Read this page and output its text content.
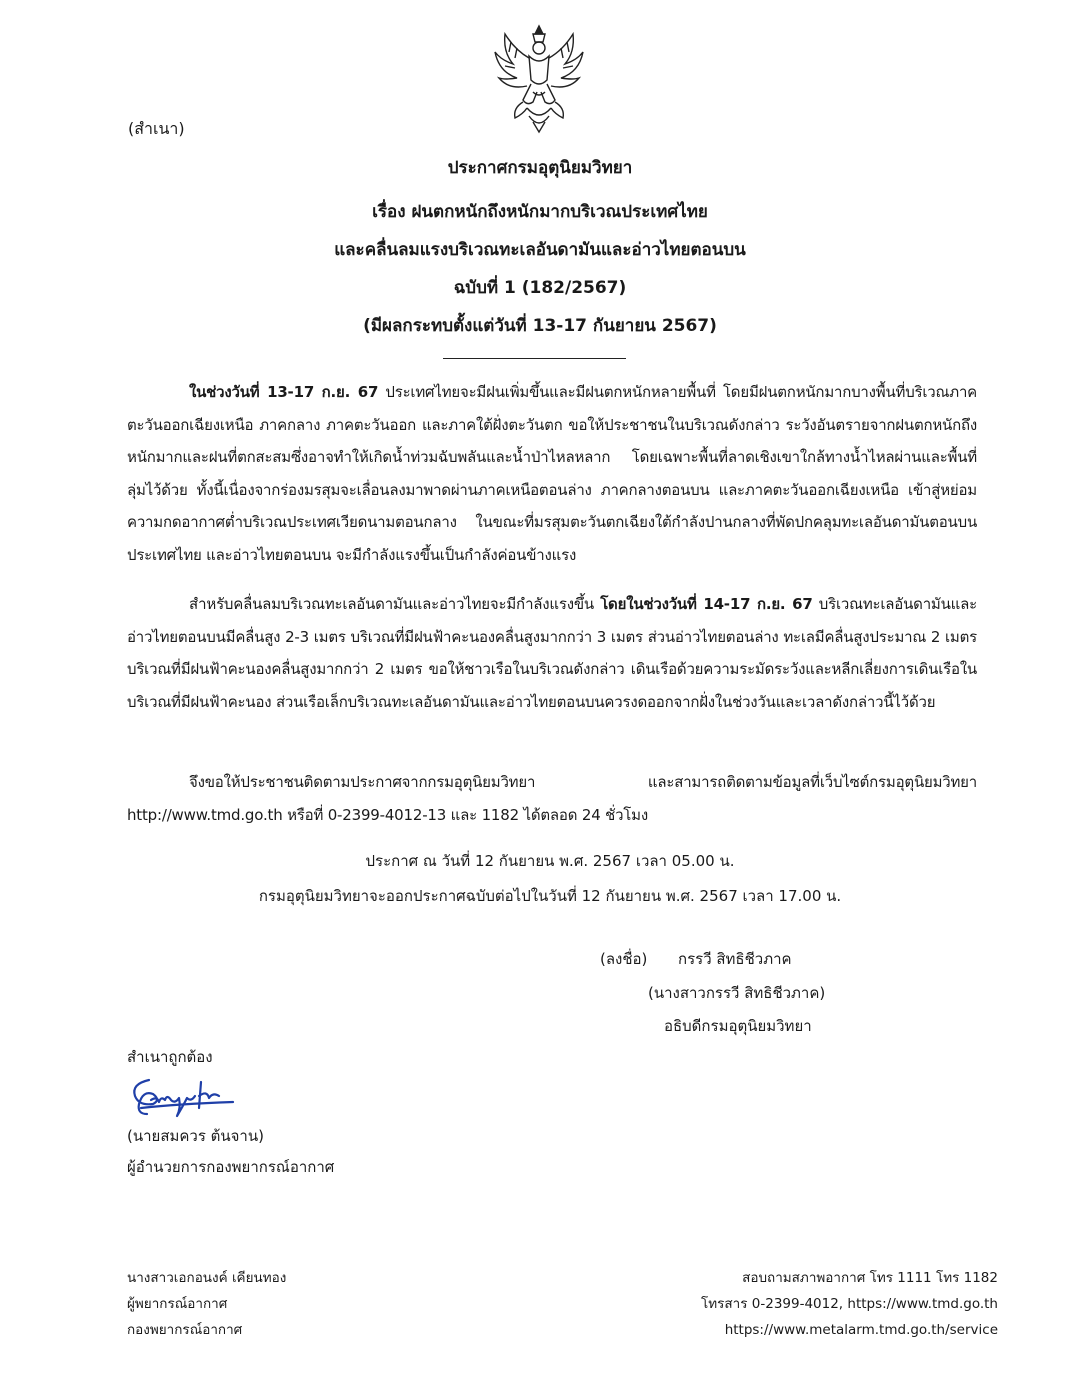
(สำเนา)
ประกาศกรมอุตุนิยมวิทยา
เรื่อง ฝนตกหนักถึงหนักมากบริเวณประเทศไทย
และคลื่นลมแรงบริเวณทะเลอันดามันและอ่าวไทยตอนบน
ฉบับที่ 1 (182/2567)
(มีผลกระทบตั้งแต่วันที่ 13-17 กันยายน 2567)
ในช่วงวันที่ 13-17 ก.ย. 67 ประเทศไทยจะมีฝนเพิ่มขึ้นและมีฝนตกหนักหลายพื้นที่ โดยมีฝนตกหนักมากบางพื้นที่บริเวณภาคตะวันออกเฉียงเหนือ ภาคกลาง ภาคตะวันออก และภาคใต้ฝั่งตะวันตก ขอให้ประชาชนในบริเวณดังกล่าว ระวังอันตรายจากฝนตกหนักถึงหนักมากและฝนที่ตกสะสมซึ่งอาจทำให้เกิดน้ำท่วมฉับพลันและน้ำป่าไหลหลาก โดยเฉพาะพื้นที่ลาดเชิงเขาใกล้ทางน้ำไหลผ่านและพื้นที่ลุ่มไว้ด้วย ทั้งนี้เนื่องจากร่องมรสุมจะเลื่อนลงมาพาดผ่านภาคเหนือตอนล่าง ภาคกลางตอนบน และภาคตะวันออกเฉียงเหนือ เข้าสู่หย่อมความกดอากาศต่ำบริเวณประเทศเวียดนามตอนกลาง ในขณะที่มรสุมตะวันตกเฉียงใต้กำลังปานกลางที่พัดปกคลุมทะเลอันดามันตอนบน ประเทศไทย และอ่าวไทยตอนบน จะมีกำลังแรงขึ้นเป็นกำลังค่อนข้างแรง
สำหรับคลื่นลมบริเวณทะเลอันดามันและอ่าวไทยจะมีกำลังแรงขึ้น โดยในช่วงวันที่ 14-17 ก.ย. 67 บริเวณทะเลอันดามันและอ่าวไทยตอนบนมีคลื่นสูง 2-3 เมตร บริเวณที่มีฝนฟ้าคะนองคลื่นสูงมากกว่า 3 เมตร ส่วนอ่าวไทยตอนล่าง ทะเลมีคลื่นสูงประมาณ 2 เมตร บริเวณที่มีฝนฟ้าคะนองคลื่นสูงมากกว่า 2 เมตร ขอให้ชาวเรือในบริเวณดังกล่าว เดินเรือด้วยความระมัดระวังและหลีกเลี่ยงการเดินเรือในบริเวณที่มีฝนฟ้าคะนอง ส่วนเรือเล็กบริเวณทะเลอันดามันและอ่าวไทยตอนบนควรงดออกจากฝั่งในช่วงวันและเวลาดังกล่าวนี้ไว้ด้วย
จึงขอให้ประชาชนติดตามประกาศจากกรมอุตุนิยมวิทยา และสามารถติดตามข้อมูลที่เว็บไซต์กรมอุตุนิยมวิทยา http://www.tmd.go.th หรือที่ 0-2399-4012-13 และ 1182 ได้ตลอด 24 ชั่วโมง
ประกาศ ณ วันที่ 12 กันยายน พ.ศ. 2567 เวลา 05.00 น.
กรมอุตุนิยมวิทยาจะออกประกาศฉบับต่อไปในวันที่ 12 กันยายน พ.ศ. 2567 เวลา 17.00 น.
(ลงชื่อ) กรรวี สิทธิชีวภาค
(นางสาวกรรวี สิทธิชีวภาค)
อธิบดีกรมอุตุนิยมวิทยา
สำเนาถูกต้อง
(นายสมควร ต้นจาน)
ผู้อำนวยการกองพยากรณ์อากาศ
นางสาวเอกอนงค์ เคียนทอง
ผู้พยากรณ์อากาศ
กองพยากรณ์อากาศ
สอบถามสภาพอากาศ โทร 1111 โทร 1182
โทรสาร 0-2399-4012, https://www.tmd.go.th
https://www.metalarm.tmd.go.th/service
